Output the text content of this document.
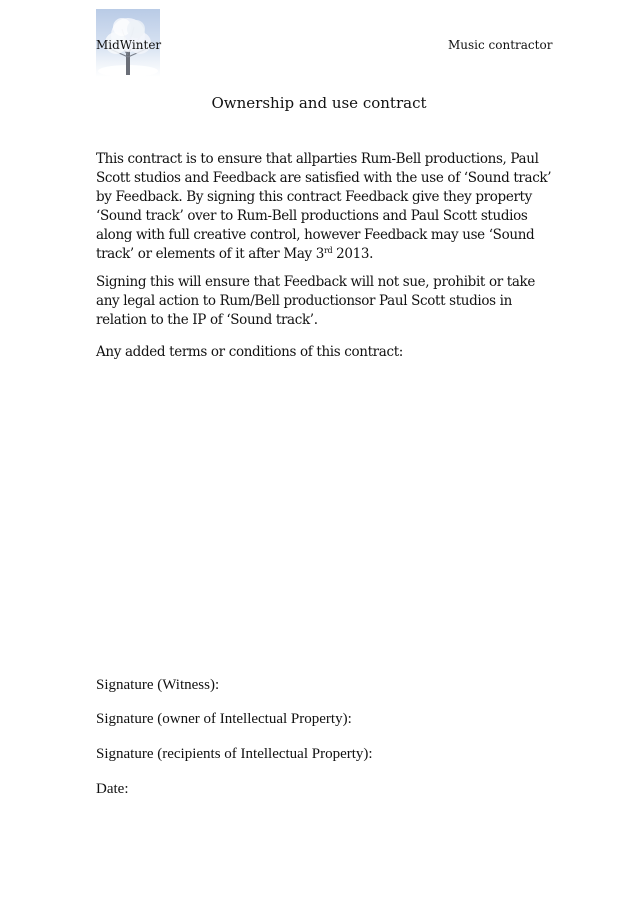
MidWinter	Music contractor
Ownership and use contract

This contract is to ensure that allparties Rum-Bell productions, Paul
Scott studios and Feedback are satisfied with the use of ‘Sound track’
by Feedback. By signing this contract Feedback give they property
‘Sound track’ over to Rum-Bell productions and Paul Scott studios
along with full creative control, however Feedback may use ‘Sound
track’ or elements of it after May 3rd 2013.

Signing this will ensure that Feedback will not sue, prohibit or take
any legal action to Rum/Bell productionsor Paul Scott studios in
relation to the IP of ‘Sound track’.

Any added terms or conditions of this contract:

Signature (Witness):
Signature (owner of Intellectual Property):
Signature (recipients of Intellectual Property):
Date:
